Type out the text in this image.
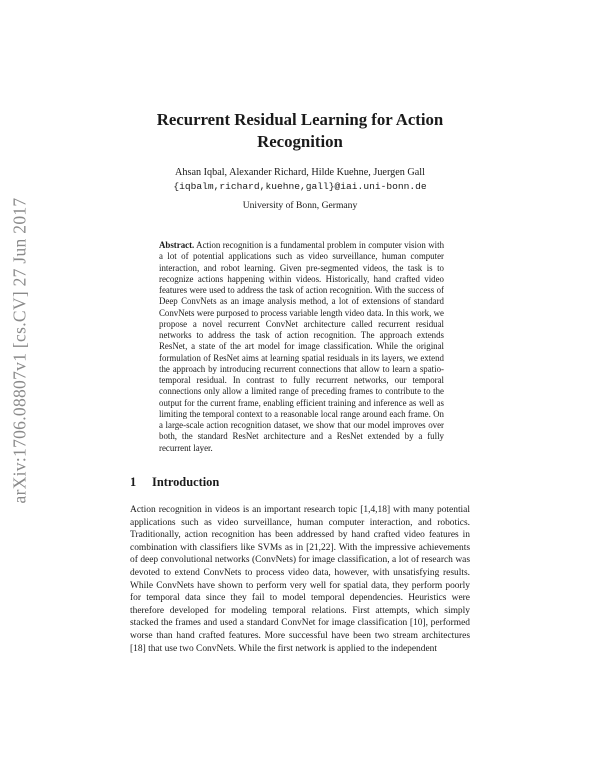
arXiv:1706.08807v1 [cs.CV] 27 Jun 2017
Recurrent Residual Learning for Action Recognition
Ahsan Iqbal, Alexander Richard, Hilde Kuehne, Juergen Gall
{iqbalm,richard,kuehne,gall}@iai.uni-bonn.de
University of Bonn, Germany
Abstract. Action recognition is a fundamental problem in computer vision with a lot of potential applications such as video surveillance, human computer interaction, and robot learning. Given pre-segmented videos, the task is to recognize actions happening within videos. Historically, hand crafted video features were used to address the task of action recognition. With the success of Deep ConvNets as an image analysis method, a lot of extensions of standard ConvNets were purposed to process variable length video data. In this work, we propose a novel recurrent ConvNet architecture called recurrent residual networks to address the task of action recognition. The approach extends ResNet, a state of the art model for image classification. While the original formulation of ResNet aims at learning spatial residuals in its layers, we extend the approach by introducing recurrent connections that allow to learn a spatio-temporal residual. In contrast to fully recurrent networks, our temporal connections only allow a limited range of preceding frames to contribute to the output for the current frame, enabling efficient training and inference as well as limiting the temporal context to a reasonable local range around each frame. On a large-scale action recognition dataset, we show that our model improves over both, the standard ResNet architecture and a ResNet extended by a fully recurrent layer.
1 Introduction
Action recognition in videos is an important research topic [1,4,18] with many potential applications such as video surveillance, human computer interaction, and robotics. Traditionally, action recognition has been addressed by hand crafted video features in combination with classifiers like SVMs as in [21,22]. With the impressive achievements of deep convolutional networks (ConvNets) for image classification, a lot of research was devoted to extend ConvNets to process video data, however, with unsatisfying results. While ConvNets have shown to perform very well for spatial data, they perform poorly for temporal data since they fail to model temporal dependencies. Heuristics were therefore developed for modeling temporal relations. First attempts, which simply stacked the frames and used a standard ConvNet for image classification [10], performed worse than hand crafted features. More successful have been two stream architectures [18] that use two ConvNets. While the first network is applied to the independent
